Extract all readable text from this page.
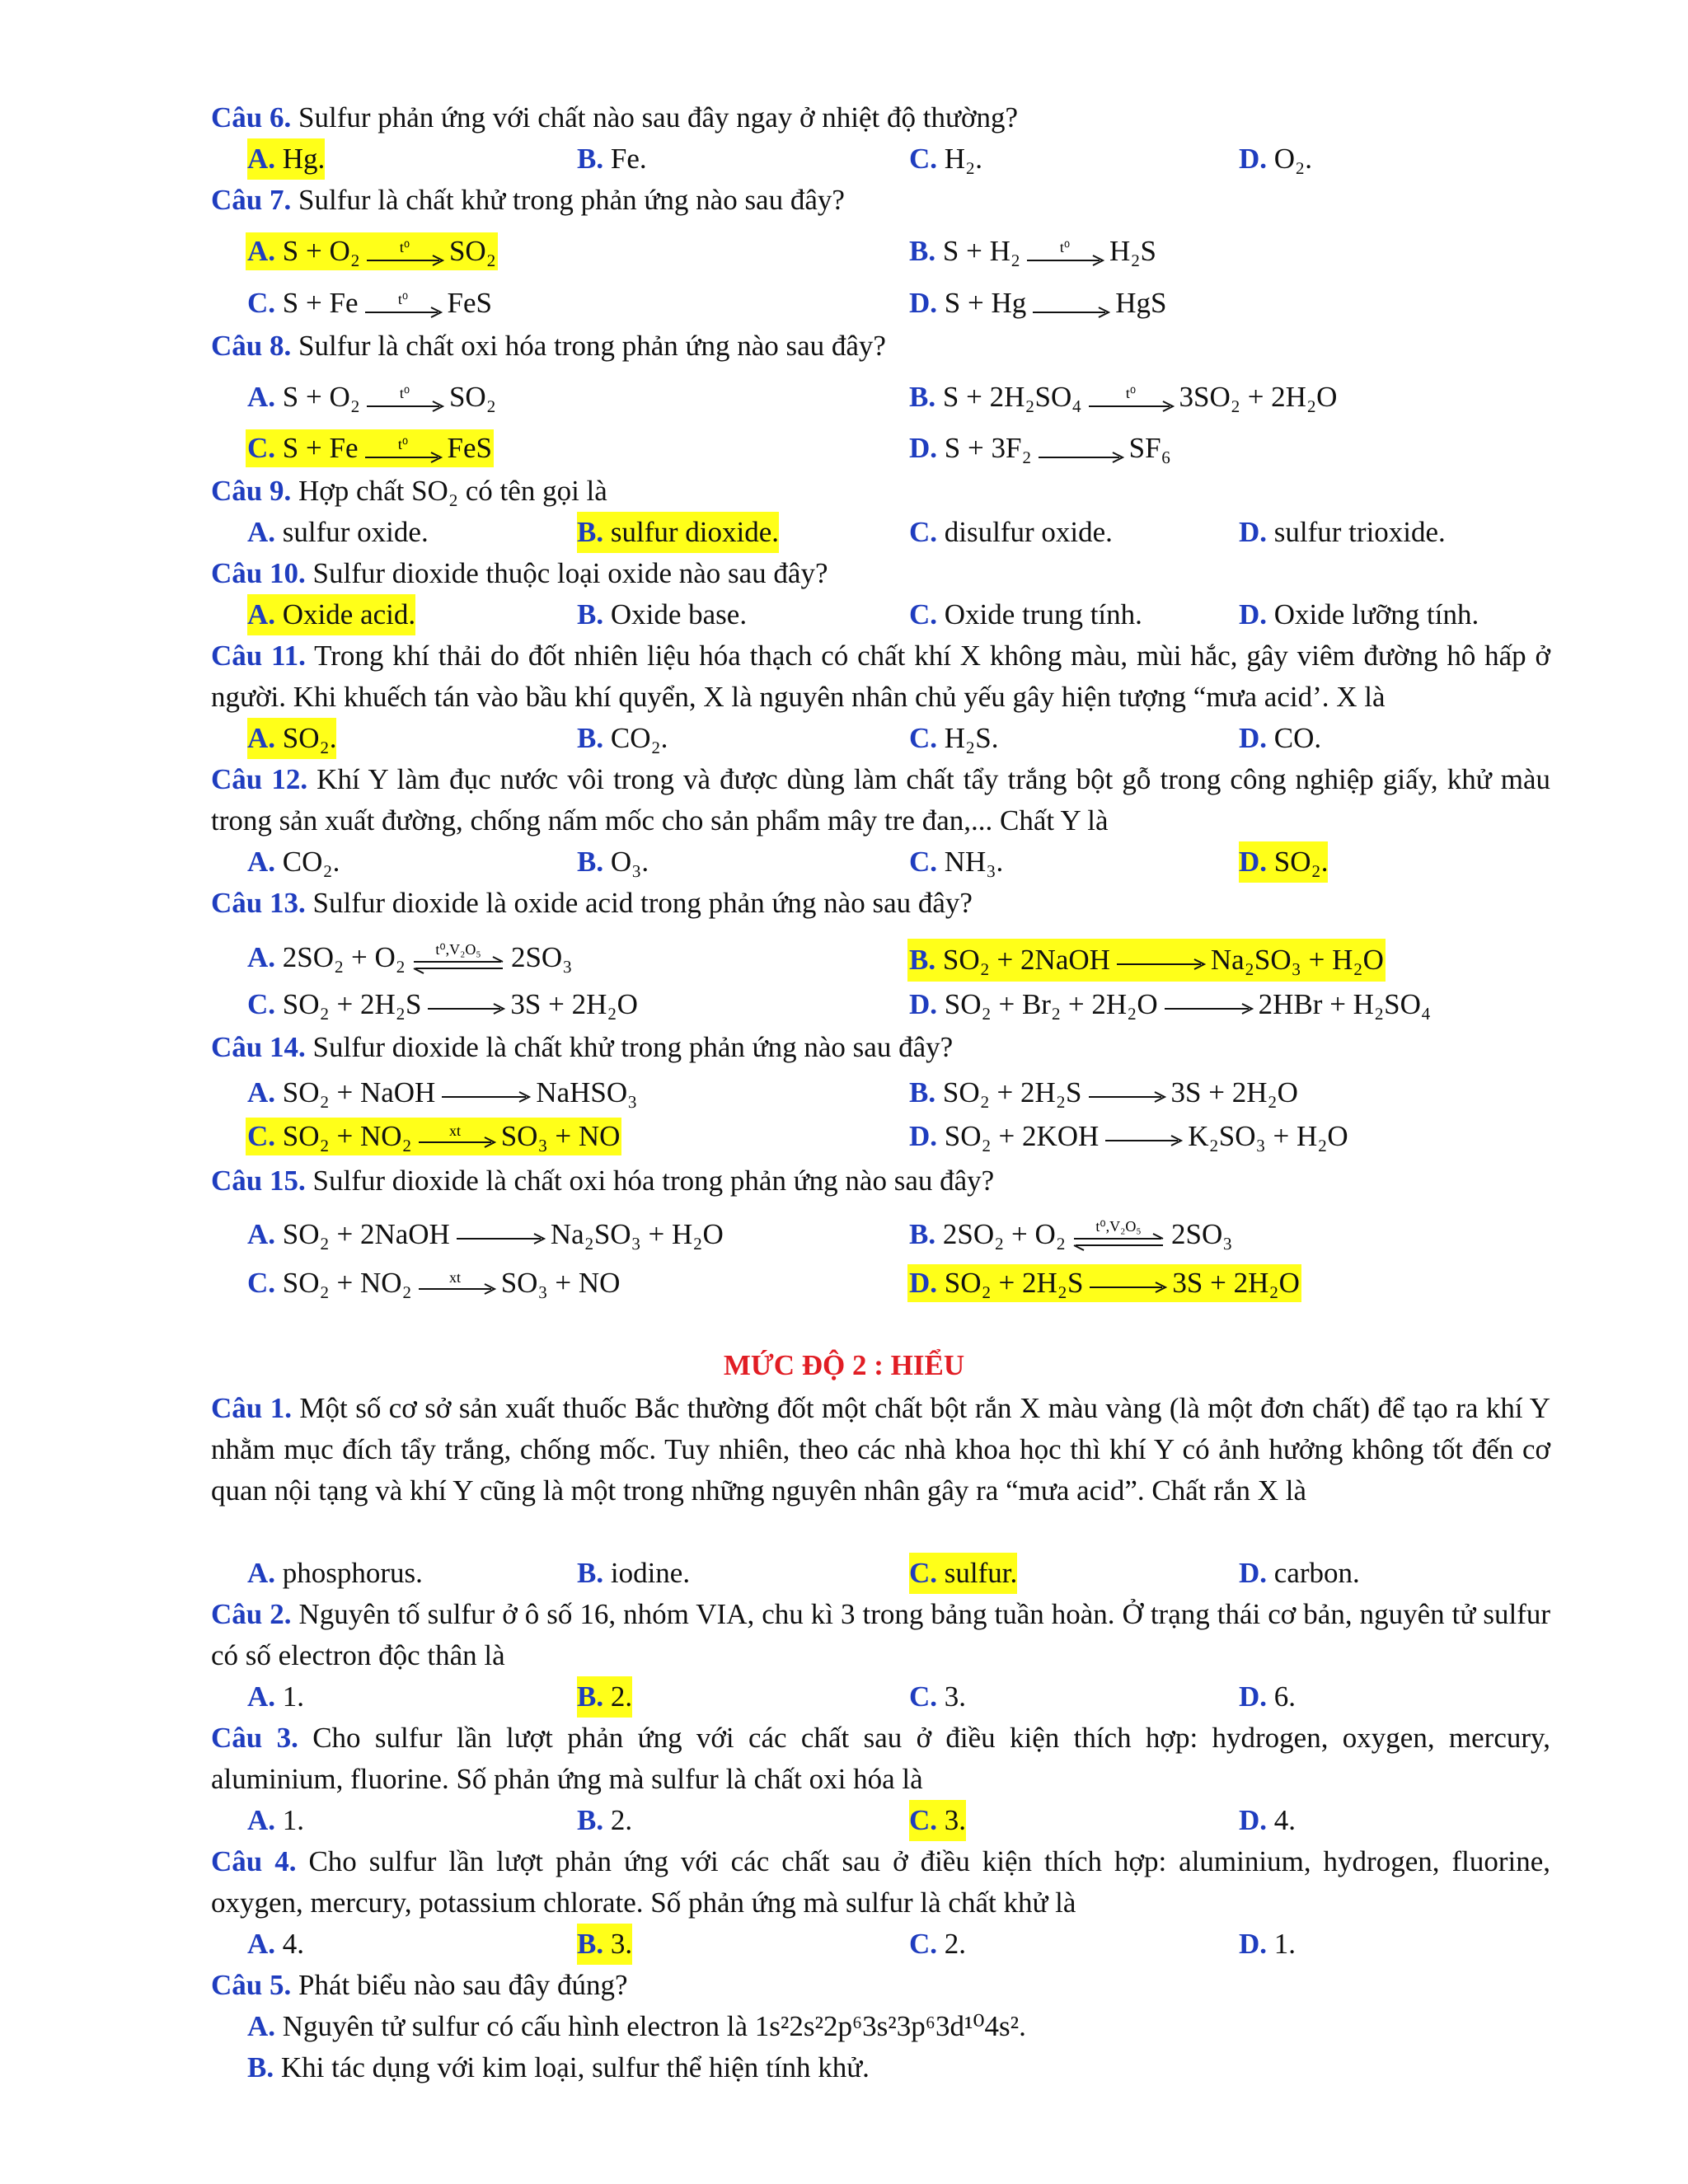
Câu 6. Sulfur phản ứng với chất nào sau đây ngay ở nhiệt độ thường?
A. Hg.	B. Fe.	C. H₂.	D. O₂.
Câu 7. Sulfur là chất khử trong phản ứng nào sau đây?
A. S + O₂	t⁰ SO₂	B. S + H₂	t⁰ H₂S
C. S + Fe	t⁰ FeS	D. S + Hg	HgS
Câu 8. Sulfur là chất oxi hóa trong phản ứng nào sau đây?
A. S + O₂	t⁰ SO₂	B. S + 2H₂SO₄	t⁰ 3SO₂ + 2H₂O
C. S + Fe	t⁰ FeS	D. S + 3F₂	SF₆
Câu 9. Hợp chất SO₂ có tên gọi là
A. sulfur oxide.	B. sulfur dioxide.	C. disulfur oxide.	D. sulfur trioxide.
Câu 10. Sulfur dioxide thuộc loại oxide nào sau đây?
A. Oxide acid.	B. Oxide base.	C. Oxide trung tính.	D. Oxide lưỡng tính.
Câu 11. Trong khí thải do đốt nhiên liệu hóa thạch có chất khí X không màu, mùi hắc, gây viêm đường hô hấp ở người. Khi khuếch tán vào bầu khí quyển, X là nguyên nhân chủ yếu gây hiện tượng “mưa acid’. X là
A. SO₂.	B. CO₂.	C. H₂S.	D. CO.
Câu 12. Khí Y làm đục nước vôi trong và được dùng làm chất tẩy trắng bột gỗ trong công nghiệp giấy, khử màu trong sản xuất đường, chống nấm mốc cho sản phẩm mây tre đan,... Chất Y là
A. CO₂.	B. O₃.	C. NH₃.	D. SO₂.
Câu 13. Sulfur dioxide là oxide acid trong phản ứng nào sau đây?
A. 2SO₂ + O₂ t⁰,V₂O₅ 2SO₃	B. SO₂ + 2NaOH	Na₂SO₃ + H₂O
C. SO₂ + 2H₂S	3S + 2H₂O	D. SO₂ + Br₂ + 2H₂O	2HBr + H₂SO₄
Câu 14. Sulfur dioxide là chất khử trong phản ứng nào sau đây?
A. SO₂ + NaOH	NaHSO₃	B. SO₂ + 2H₂S	3S + 2H₂O
C. SO₂ + NO₂ xt SO₃ + NO	D. SO₂ + 2KOH	K₂SO₃ + H₂O
Câu 15. Sulfur dioxide là chất oxi hóa trong phản ứng nào sau đây?
A. SO₂ + 2NaOH	Na₂SO₃ + H₂O	B. 2SO₂ + O₂ t⁰,V₂O₅ 2SO₃
C. SO₂ + NO₂ xt SO₃ + NO	D. SO₂ + 2H₂S	3S + 2H₂O
MỨC ĐỘ 2 : HIỂU
Câu 1. Một số cơ sở sản xuất thuốc Bắc thường đốt một chất bột rắn X màu vàng (là một đơn chất) để tạo ra khí Y nhằm mục đích tẩy trắng, chống mốc. Tuy nhiên, theo các nhà khoa học thì khí Y có ảnh hưởng không tốt đến cơ quan nội tạng và khí Y cũng là một trong những nguyên nhân gây ra “mưa acid”. Chất rắn X là
A. phosphorus.	B. iodine.	C. sulfur.	D. carbon.
Câu 2. Nguyên tố sulfur ở ô số 16, nhóm VIA, chu kì 3 trong bảng tuần hoàn. Ở trạng thái cơ bản, nguyên tử sulfur có số electron độc thân là
A. 1.	B. 2.	C. 3.	D. 6.
Câu 3. Cho sulfur lần lượt phản ứng với các chất sau ở điều kiện thích hợp: hydrogen, oxygen, mercury, aluminium, fluorine. Số phản ứng mà sulfur là chất oxi hóa là
A. 1.	B. 2.	C. 3.	D. 4.
Câu 4. Cho sulfur lần lượt phản ứng với các chất sau ở điều kiện thích hợp: aluminium, hydrogen, fluorine, oxygen, mercury, potassium chlorate. Số phản ứng mà sulfur là chất khử là
A. 4.	B. 3.	C. 2.	D. 1.
Câu 5. Phát biểu nào sau đây đúng?
A. Nguyên tử sulfur có cấu hình electron là 1s²2s²2p⁶3s²3p⁶3d¹⁰4s².
B. Khi tác dụng với kim loại, sulfur thể hiện tính khử.
